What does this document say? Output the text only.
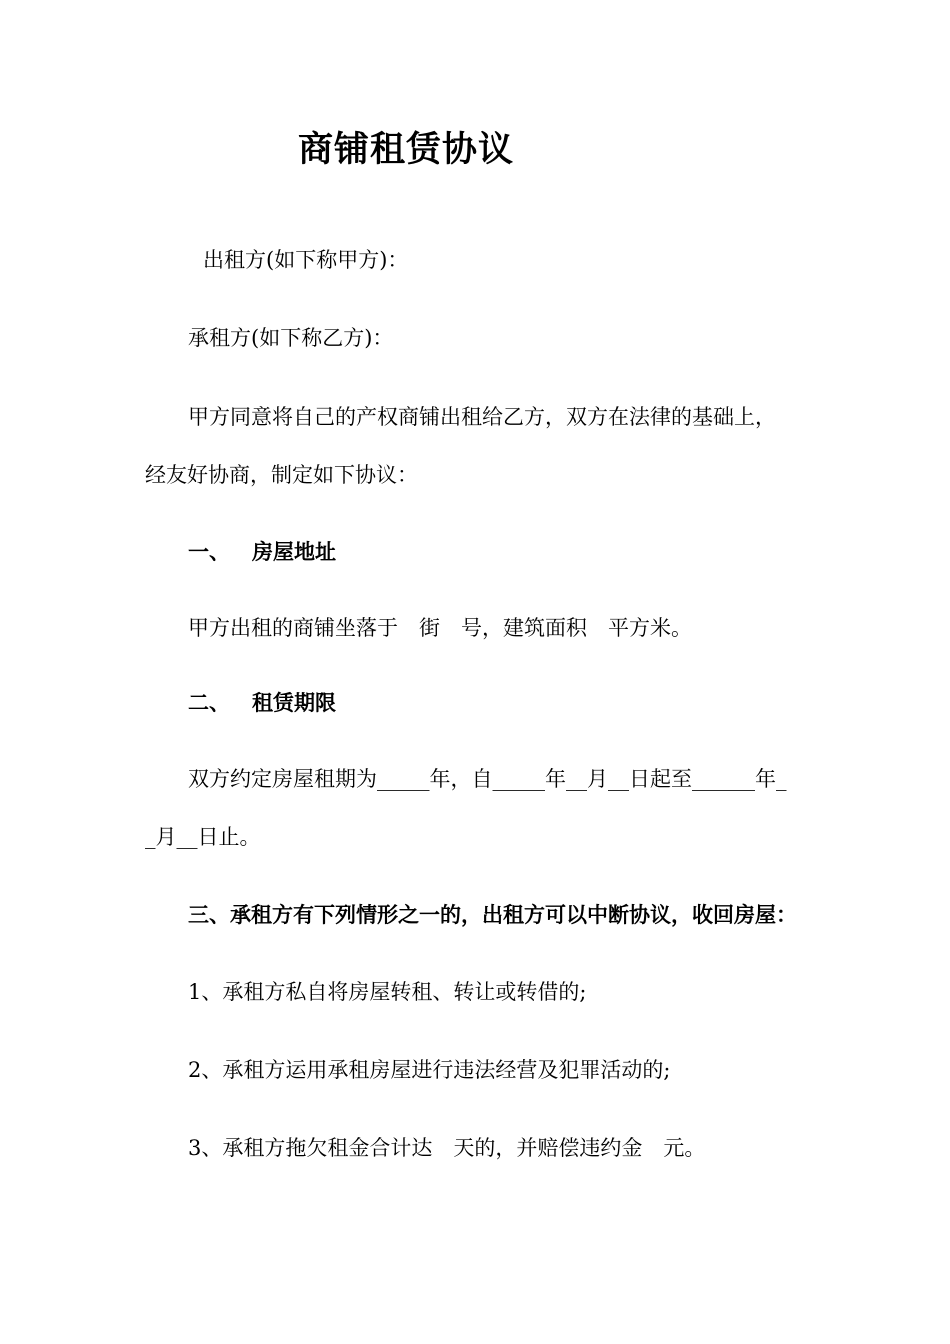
商铺租赁协议
出租方(如下称甲方)：
承租方(如下称乙方)：
甲方同意将自己的产权商铺出租给乙方，双方在法律的基础上，
经友好协商，制定如下协议：
一、 房屋地址
甲方出租的商铺坐落于　街　号，建筑面积　平方米。
二、 租赁期限
双方约定房屋租期为_____年，自_____年__月__日起至______年_
_月__日止。
三、承租方有下列情形之一的，出租方可以中断协议，收回房屋：
1、承租方私自将房屋转租、转让或转借的;
2、承租方运用承租房屋进行违法经营及犯罪活动的;
3、承租方拖欠租金合计达　天的，并赔偿违约金　元。
